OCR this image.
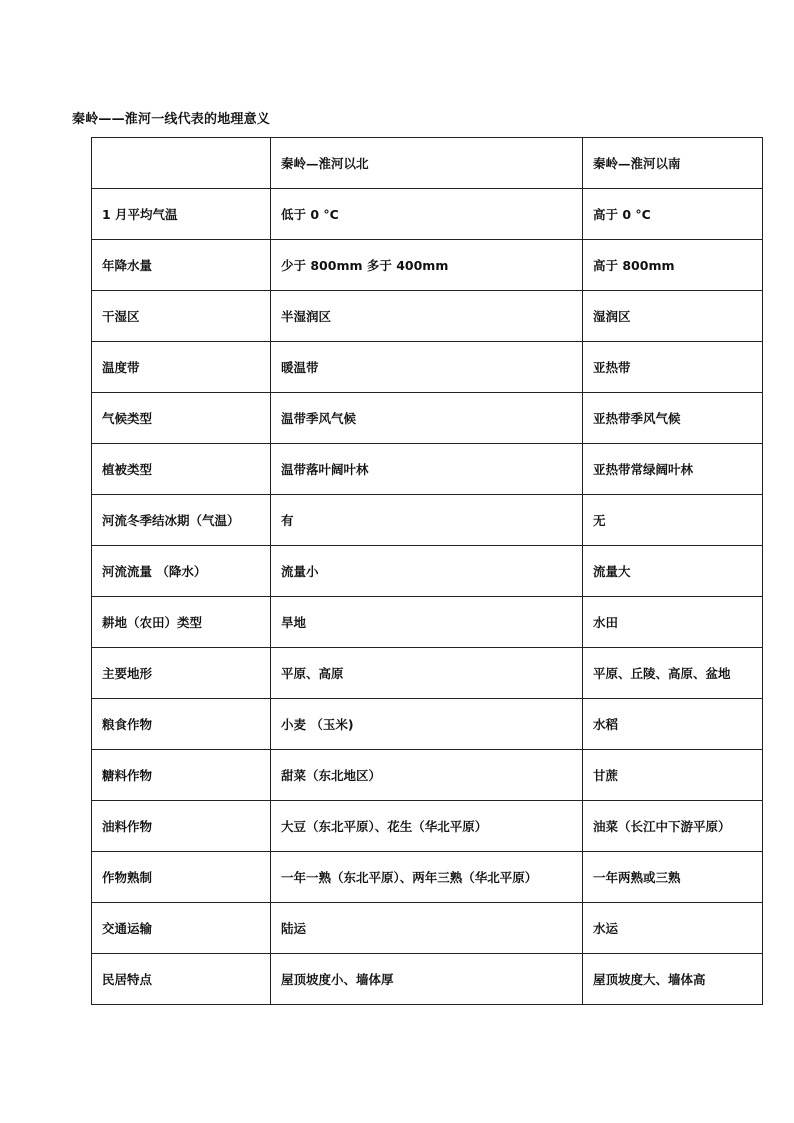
秦岭——淮河一线代表的地理意义
	秦岭—淮河以北	秦岭—淮河以南
1 月平均气温	低于 0 °C	高于 0 °C
年降水量	少于 800mm 多于 400mm	高于 800mm
干湿区	半湿润区	湿润区
温度带	暖温带	亚热带
气候类型	温带季风气候	亚热带季风气候
植被类型	温带落叶阔叶林	亚热带常绿阔叶林
河流冬季结冰期（气温）	有	无
河流流量 （降水）	流量小	流量大
耕地（农田）类型	旱地	水田
主要地形	平原、高原	平原、丘陵、高原、盆地
粮食作物	小麦 （玉米)	水稻
糖料作物	甜菜（东北地区）	甘蔗
油料作物	大豆（东北平原）、花生（华北平原）	油菜（长江中下游平原）
作物熟制	一年一熟（东北平原）、两年三熟（华北平原）	一年两熟或三熟
交通运输	陆运	水运
民居特点	屋顶坡度小、墙体厚	屋顶坡度大、墙体高
